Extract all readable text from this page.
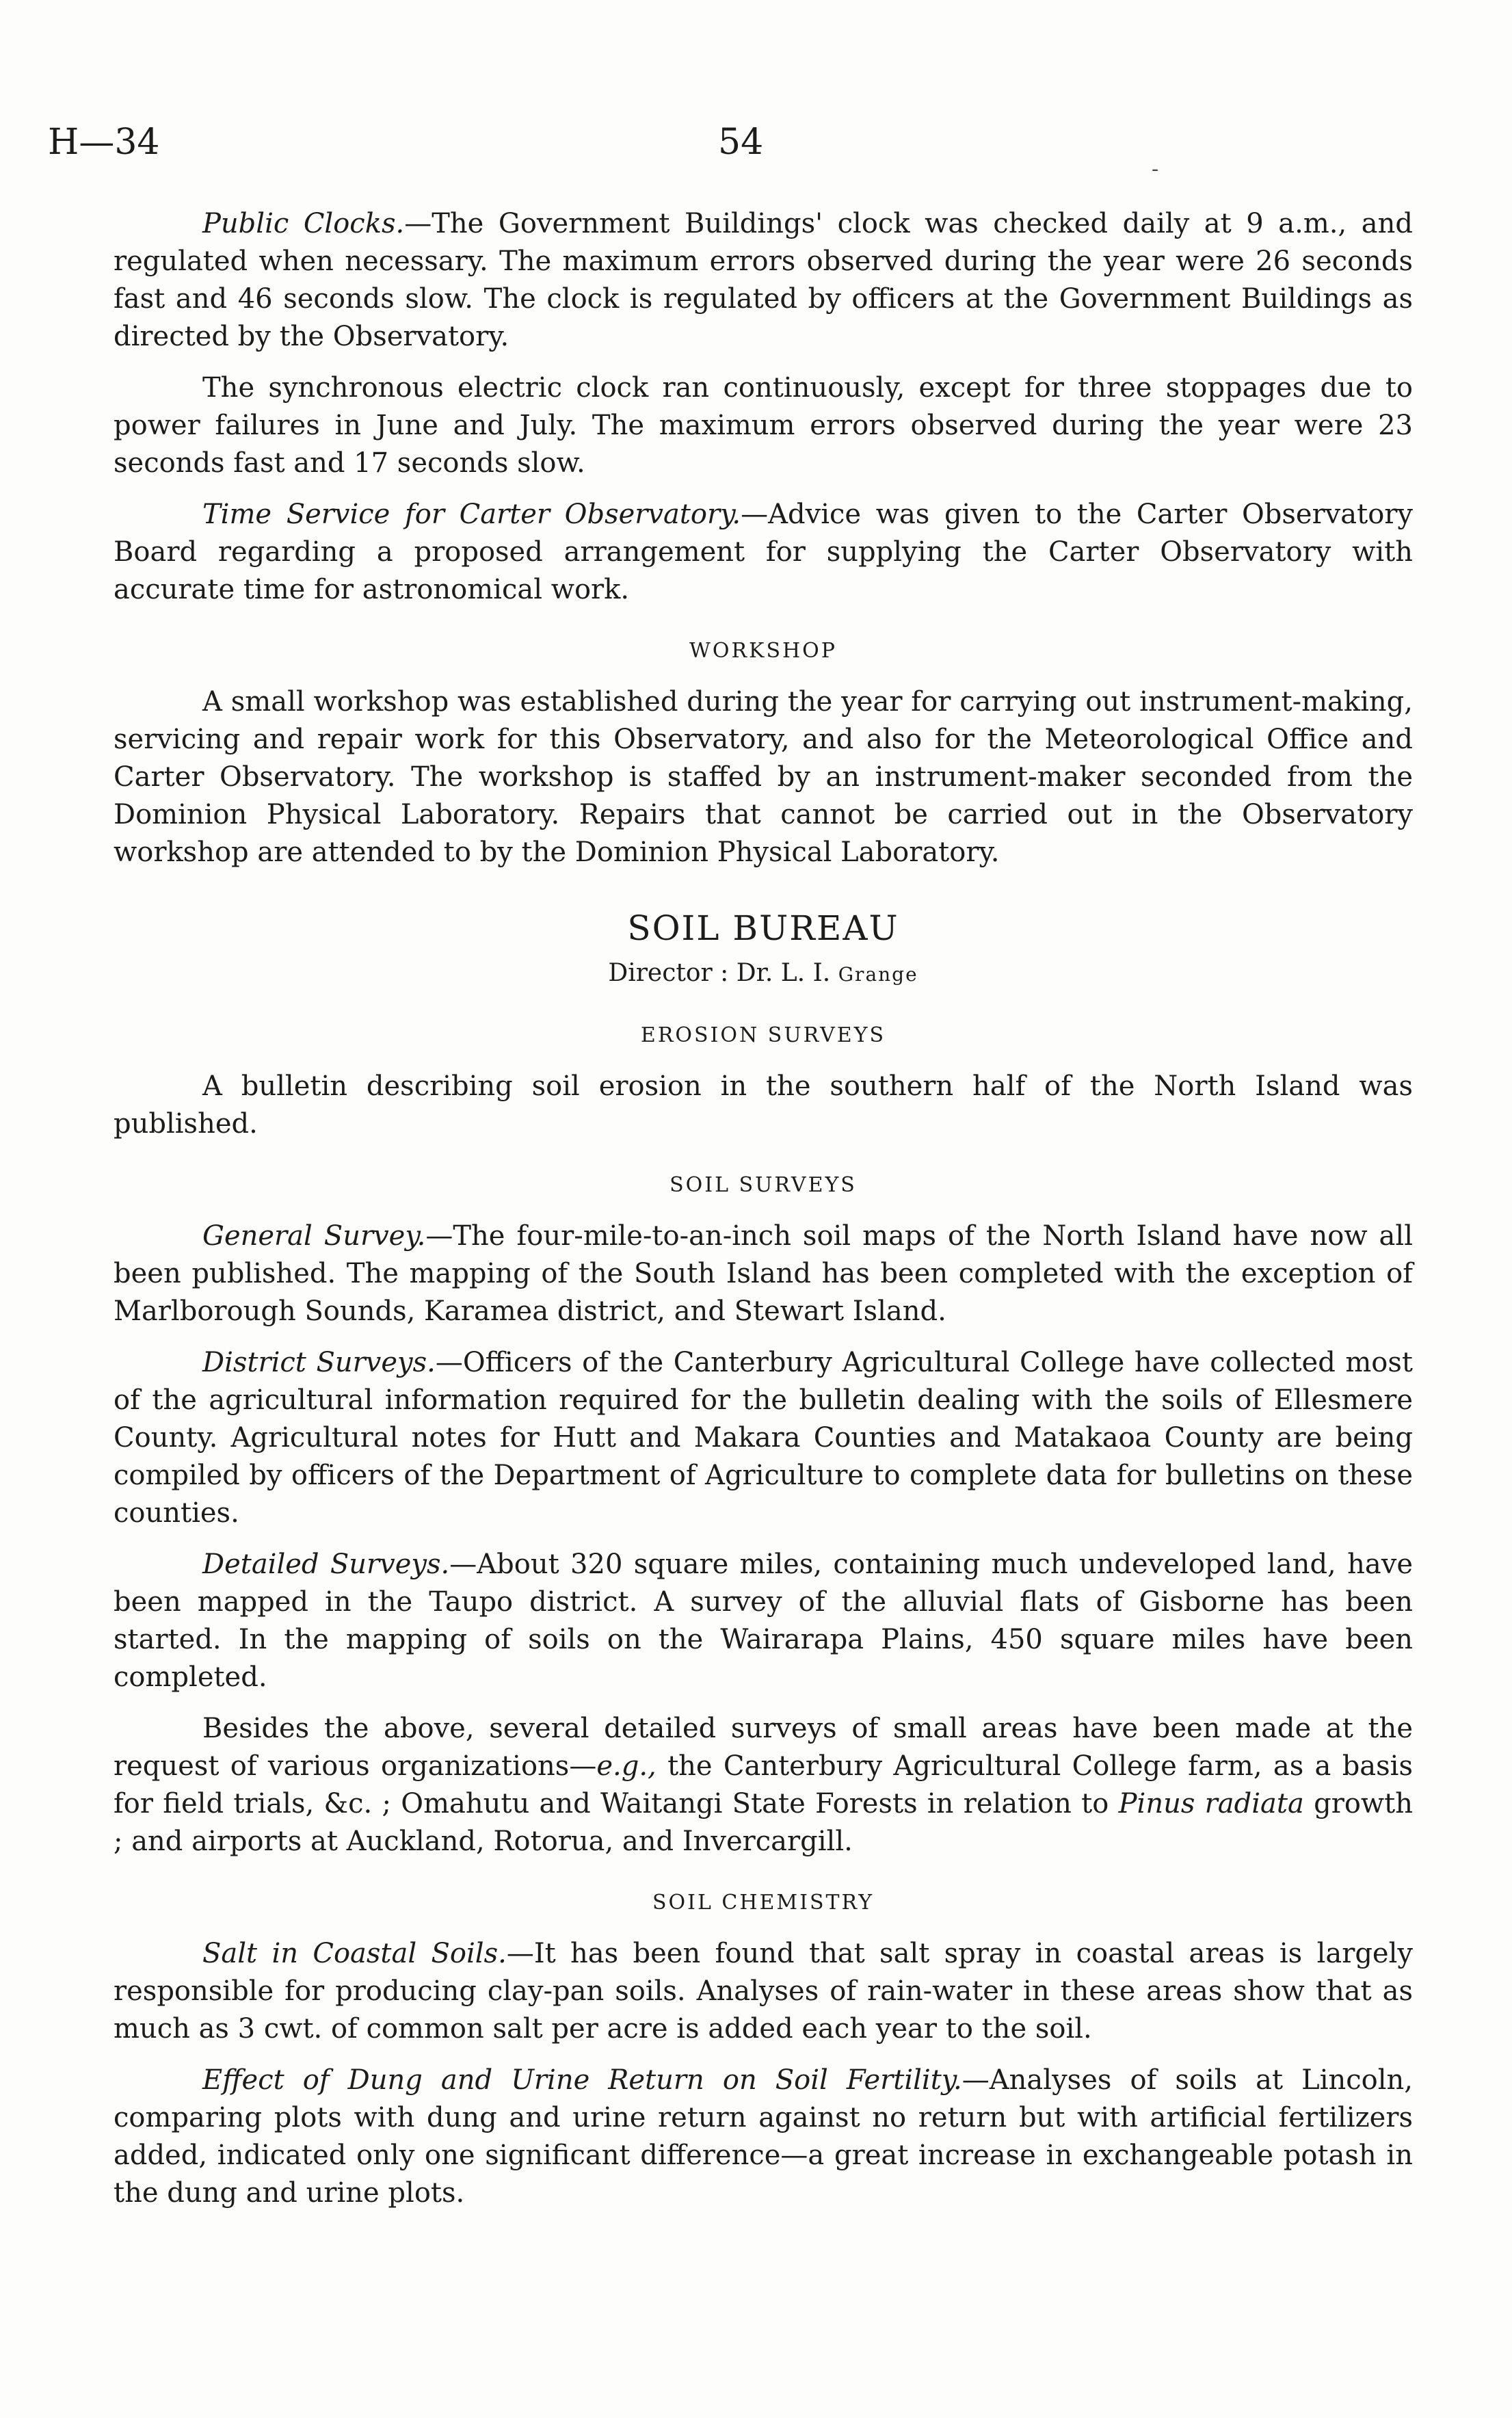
H—34	54
-

Public Clocks.—The Government Buildings' clock was checked daily at 9 a.m., and regulated when necessary. The maximum errors observed during the year were 26 seconds fast and 46 seconds slow. The clock is regulated by officers at the Government Buildings as directed by the Observatory.

The synchronous electric clock ran continuously, except for three stoppages due to power failures in June and July. The maximum errors observed during the year were 23 seconds fast and 17 seconds slow.

Time Service for Carter Observatory.—Advice was given to the Carter Observatory Board regarding a proposed arrangement for supplying the Carter Observatory with accurate time for astronomical work.

WORKSHOP

A small workshop was established during the year for carrying out instrument-making, servicing and repair work for this Observatory, and also for the Meteorological Office and Carter Observatory. The workshop is staffed by an instrument-maker seconded from the Dominion Physical Laboratory. Repairs that cannot be carried out in the Observatory workshop are attended to by the Dominion Physical Laboratory.

SOIL BUREAU
Director : Dr. L. I. Grange
EROSION SURVEYS

A bulletin describing soil erosion in the southern half of the North Island was published.

SOIL SURVEYS

General Survey.—The four-mile-to-an-inch soil maps of the North Island have now all been published. The mapping of the South Island has been completed with the exception of Marlborough Sounds, Karamea district, and Stewart Island.

District Surveys.—Officers of the Canterbury Agricultural College have collected most of the agricultural information required for the bulletin dealing with the soils of Ellesmere County. Agricultural notes for Hutt and Makara Counties and Matakaoa County are being compiled by officers of the Department of Agriculture to complete data for bulletins on these counties.

Detailed Surveys.—About 320 square miles, containing much undeveloped land, have been mapped in the Taupo district. A survey of the alluvial flats of Gisborne has been started. In the mapping of soils on the Wairarapa Plains, 450 square miles have been completed.

Besides the above, several detailed surveys of small areas have been made at the request of various organizations—e.g., the Canterbury Agricultural College farm, as a basis for field trials, &c. ; Omahutu and Waitangi State Forests in relation to Pinus radiata growth ; and airports at Auckland, Rotorua, and Invercargill.

SOIL CHEMISTRY

Salt in Coastal Soils.—It has been found that salt spray in coastal areas is largely responsible for producing clay-pan soils. Analyses of rain-water in these areas show that as much as 3 cwt. of common salt per acre is added each year to the soil.

Effect of Dung and Urine Return on Soil Fertility.—Analyses of soils at Lincoln, comparing plots with dung and urine return against no return but with artificial fertilizers added, indicated only one significant difference—a great increase in exchangeable potash in the dung and urine plots.
